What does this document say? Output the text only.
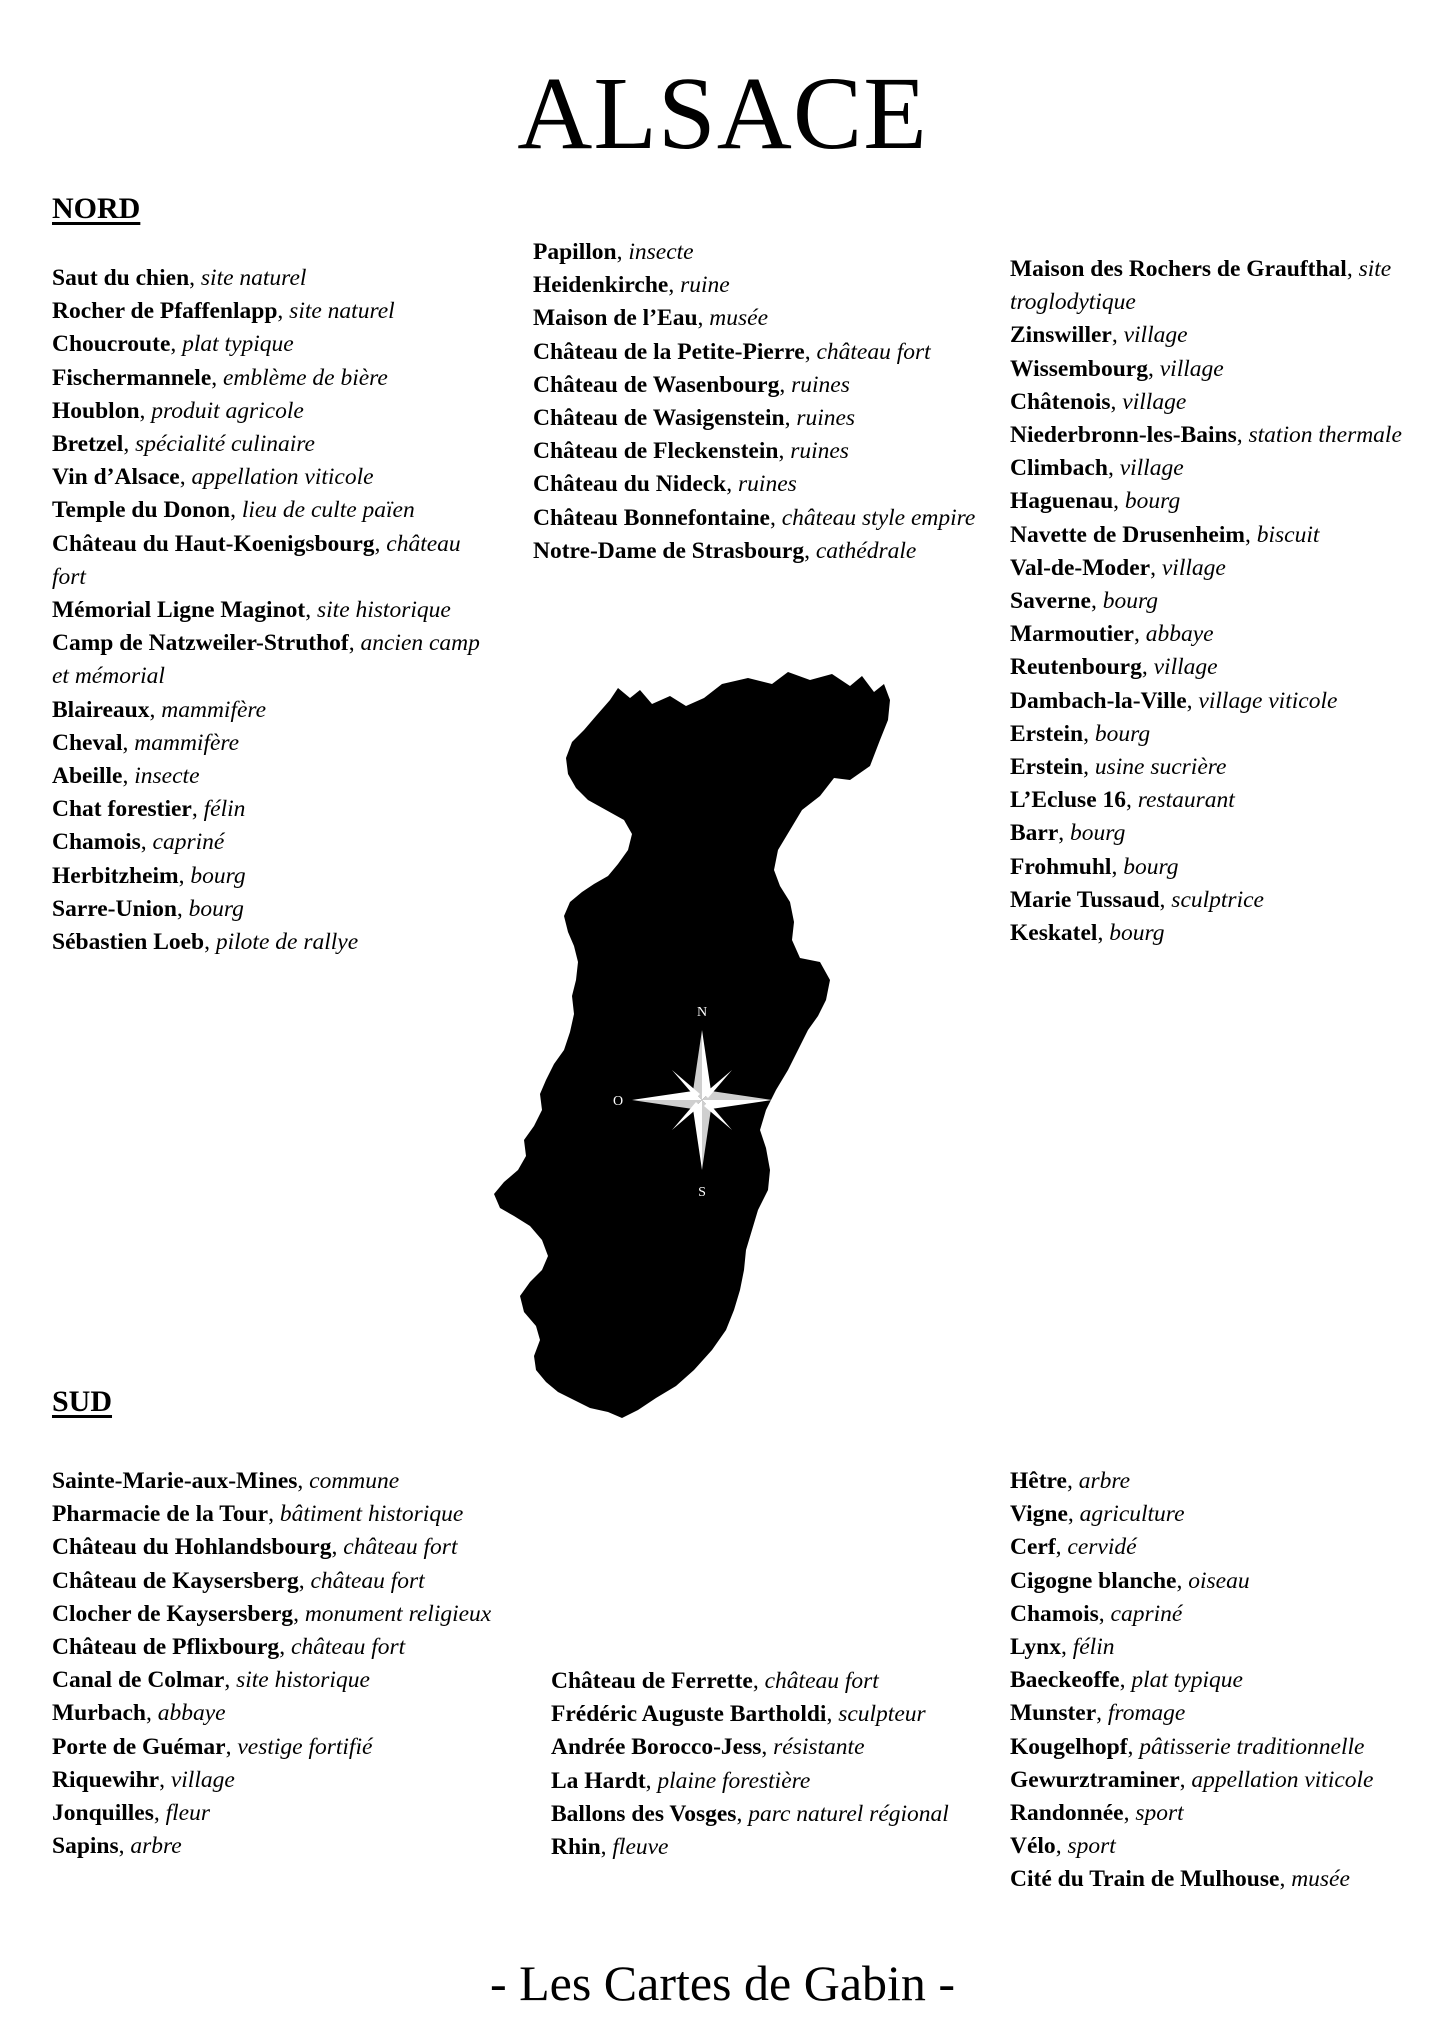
ALSACE
NORD
SUD
Saut du chien, site naturel
Rocher de Pfaffenlapp, site naturel
Choucroute, plat typique
Fischermannele, emblème de bière
Houblon, produit agricole
Bretzel, spécialité culinaire
Vin d’Alsace, appellation viticole
Temple du Donon, lieu de culte païen
Château du Haut-Koenigsbourg, château fort
Mémorial Ligne Maginot, site historique
Camp de Natzweiler-Struthof, ancien camp et mémorial
Blaireaux, mammifère
Cheval, mammifère
Abeille, insecte
Chat forestier, félin
Chamois, capriné
Herbitzheim, bourg
Sarre-Union, bourg
Sébastien Loeb, pilote de rallye
Papillon, insecte
Heidenkirche, ruine
Maison de l’Eau, musée
Château de la Petite-Pierre, château fort
Château de Wasenbourg, ruines
Château de Wasigenstein, ruines
Château de Fleckenstein, ruines
Château du Nideck, ruines
Château Bonnefontaine, château style empire
Notre-Dame de Strasbourg, cathédrale
Maison des Rochers de Graufthal, site troglodytique
Zinswiller, village
Wissembourg, village
Châtenois, village
Niederbronn-les-Bains, station thermale
Climbach, village
Haguenau, bourg
Navette de Drusenheim, biscuit
Val-de-Moder, village
Saverne, bourg
Marmoutier, abbaye
Reutenbourg, village
Dambach-la-Ville, village viticole
Erstein, bourg
Erstein, usine sucrière
L’Ecluse 16, restaurant
Barr, bourg
Frohmuhl, bourg
Marie Tussaud, sculptrice
Keskatel, bourg
Sainte-Marie-aux-Mines, commune
Pharmacie de la Tour, bâtiment historique
Château du Hohlandsbourg, château fort
Château de Kaysersberg, château fort
Clocher de Kaysersberg, monument religieux
Château de Pflixbourg, château fort
Canal de Colmar, site historique
Murbach, abbaye
Porte de Guémar, vestige fortifié
Riquewihr, village
Jonquilles, fleur
Sapins, arbre
Château de Ferrette, château fort
Frédéric Auguste Bartholdi, sculpteur
Andrée Borocco-Jess, résistante
La Hardt, plaine forestière
Ballons des Vosges, parc naturel régional
Rhin, fleuve
Hêtre, arbre
Vigne, agriculture
Cerf, cervidé
Cigogne blanche, oiseau
Chamois, capriné
Lynx, félin
Baeckeoffe, plat typique
Munster, fromage
Kougelhopf, pâtisserie traditionnelle
Gewurztraminer, appellation viticole
Randonnée, sport
Vélo, sport
Cité du Train de Mulhouse, musée
N
S
E
O
- Les Cartes de Gabin -
